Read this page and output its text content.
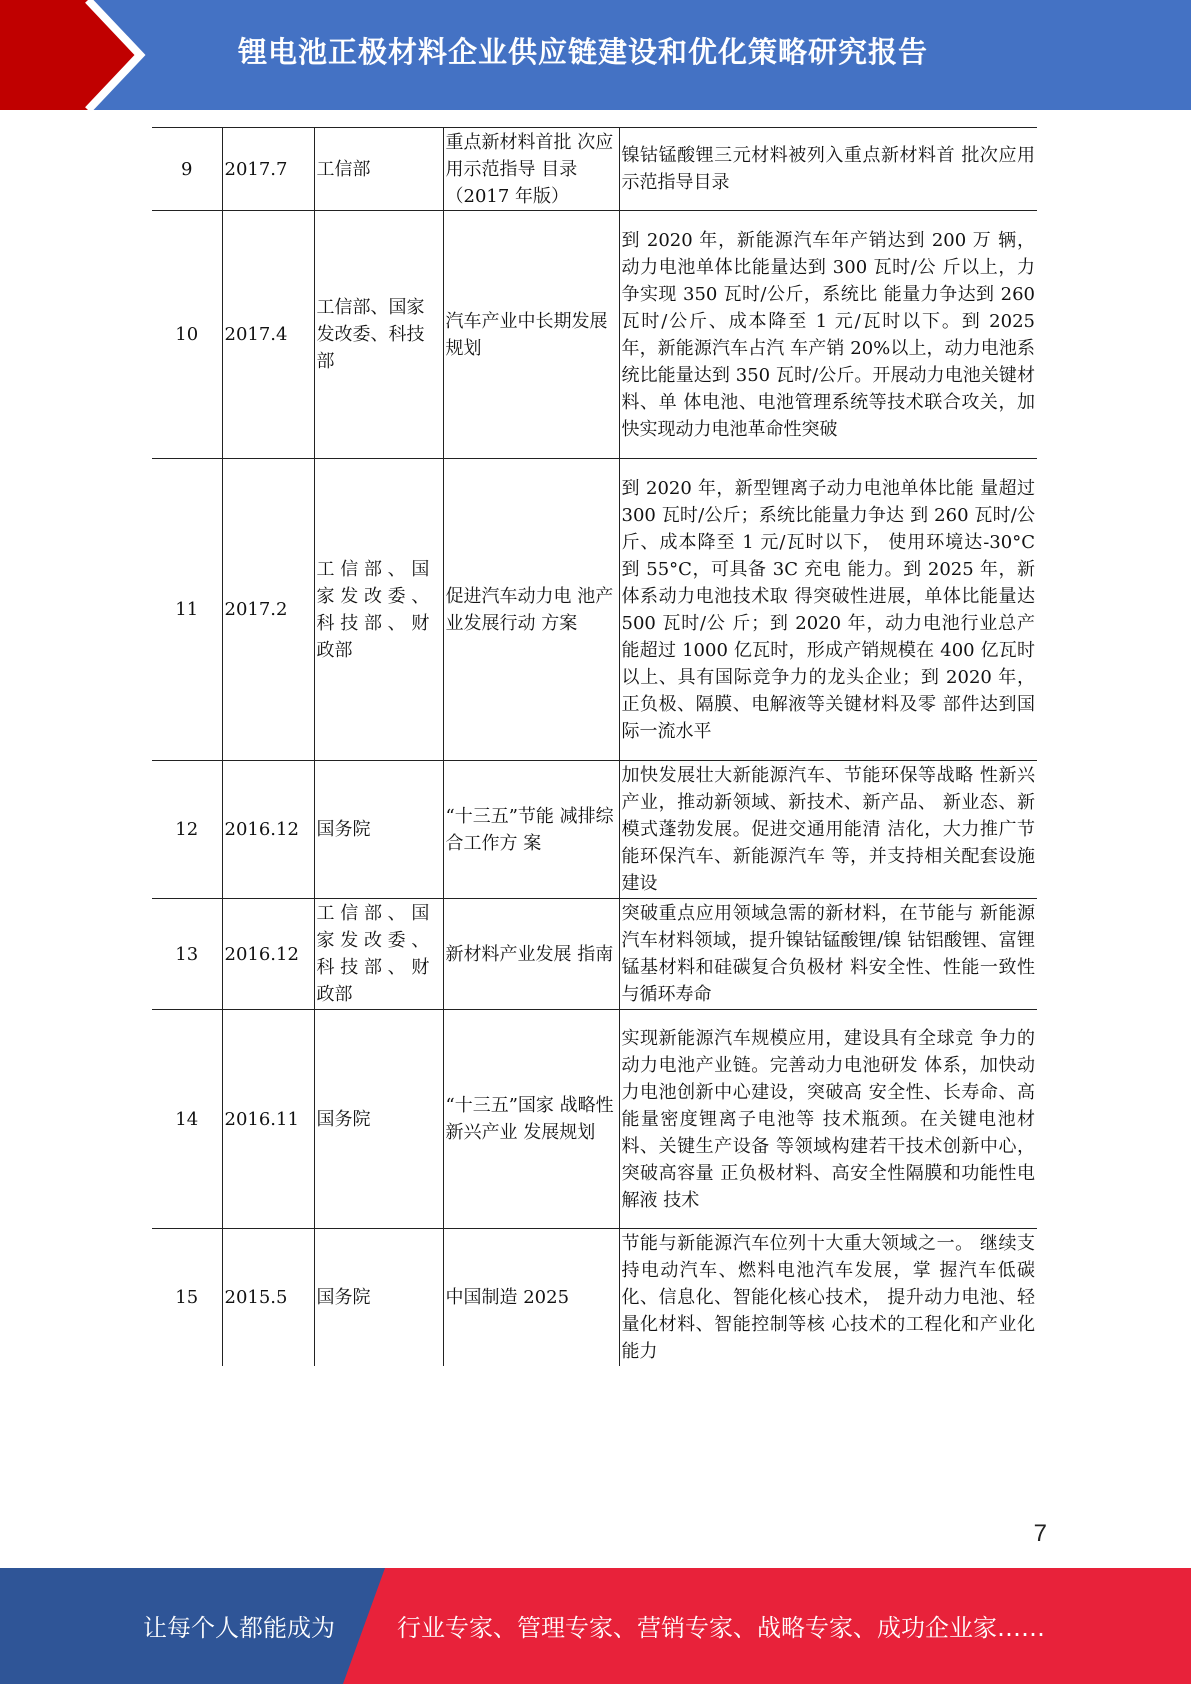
锂电池正极材料企业供应链建设和优化策略研究报告
9	2017.7	工信部	重点新材料首批 次应用示范指导 目录（2017 年版）	镍钴锰酸锂三元材料被列入重点新材料首 批次应用示范指导目录
10	2017.4	工信部、国家发改委、科技部	汽车产业中长期发展规划	到 2020 年，新能源汽车年产销达到 200 万 辆，动力电池单体比能量达到 300 瓦时/公 斤以上，力争实现 350 瓦时/公斤，系统比 能量力争达到 260 瓦时/公斤、成本降至 1 元/瓦时以下。到 2025 年，新能源汽车占汽 车产销 20%以上，动力电池系统比能量达到 350 瓦时/公斤。开展动力电池关键材料、单 体电池、电池管理系统等技术联合攻关，加 快实现动力电池革命性突破
11	2017.2	工 信 部 、 国 家 发 改 委 、 科 技 部 、 财 政部	促进汽车动力电 池产业发展行动 方案	到 2020 年，新型锂离子动力电池单体比能 量超过 300 瓦时/公斤；系统比能量力争达 到 260 瓦时/公斤、成本降至 1 元/瓦时以下， 使用环境达-30°C 到 55°C，可具备 3C 充电 能力。到 2025 年，新体系动力电池技术取 得突破性进展，单体比能量达 500 瓦时/公 斤；到 2020 年，动力电池行业总产能超过 1000 亿瓦时，形成产销规模在 400 亿瓦时 以上、具有国际竞争力的龙头企业；到 2020 年，正负极、隔膜、电解液等关键材料及零 部件达到国际一流水平
12	2016.12	国务院	“十三五”节能 减排综合工作方 案	加快发展壮大新能源汽车、节能环保等战略 性新兴产业，推动新领域、新技术、新产品、 新业态、新模式蓬勃发展。促进交通用能清 洁化，大力推广节能环保汽车、新能源汽车 等，并支持相关配套设施建设
13	2016.12	工 信 部 、 国 家 发 改 委 、 科 技 部 、 财 政部	新材料产业发展 指南	突破重点应用领域急需的新材料，在节能与 新能源汽车材料领域，提升镍钴锰酸锂/镍 钴铝酸锂、富锂锰基材料和硅碳复合负极材 料安全性、性能一致性与循环寿命
14	2016.11	国务院	“十三五”国家 战略性新兴产业 发展规划	实现新能源汽车规模应用，建设具有全球竞 争力的动力电池产业链。完善动力电池研发 体系，加快动力电池创新中心建设，突破高 安全性、长寿命、高能量密度锂离子电池等 技术瓶颈。在关键电池材料、关键生产设备 等领域构建若干技术创新中心，突破高容量 正负极材料、高安全性隔膜和功能性电解液 技术
15	2015.5	国务院	中国制造 2025	节能与新能源汽车位列十大重大领域之一。 继续支持电动汽车、燃料电池汽车发展，掌 握汽车低碳化、信息化、智能化核心技术， 提升动力电池、轻量化材料、智能控制等核 心技术的工程化和产业化能力
7
让每个人都能成为	行业专家、管理专家、营销专家、战略专家、成功企业家……
